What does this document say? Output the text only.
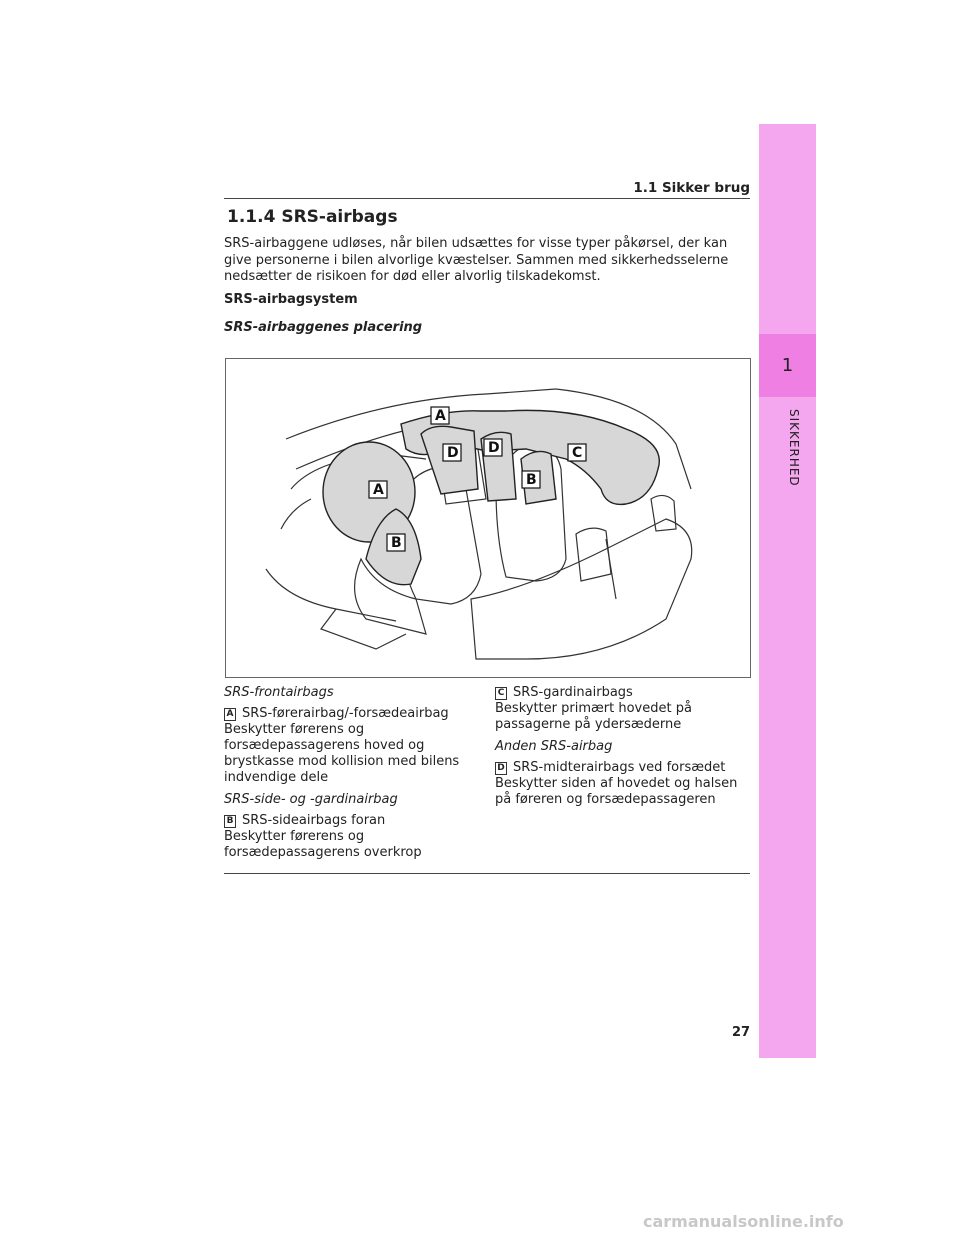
1
SIKKERHED
1.1 Sikker brug
1.1.4 SRS-airbags

SRS-airbaggene udløses, når bilen udsættes for visse typer påkørsel, der kan give personerne i bilen alvorlige kvæstelser. Sammen med sikkerhedsselerne nedsætter de risikoen for død eller alvorlig tilskadekomst.

SRS-airbagsystem
SRS-airbaggenes placering
A
D D	C
A
B
B

SRS-frontairbags

A SRS-førerairbag/-forsædeairbag

Beskytter førerens og forsædepassagerens hoved og brystkasse mod kollision med bilens indvendige dele

SRS-side- og -gardinairbag

B SRS-sideairbags foran

Beskytter førerens og forsædepassagerens overkrop

C SRS-gardinairbags

Beskytter primært hovedet på passagerne på ydersæderne

Anden SRS-airbag

D SRS-midterairbags ved forsædet

Beskytter siden af hovedet og halsen på føreren og forsædepassageren

27
carmanualsonline.info
